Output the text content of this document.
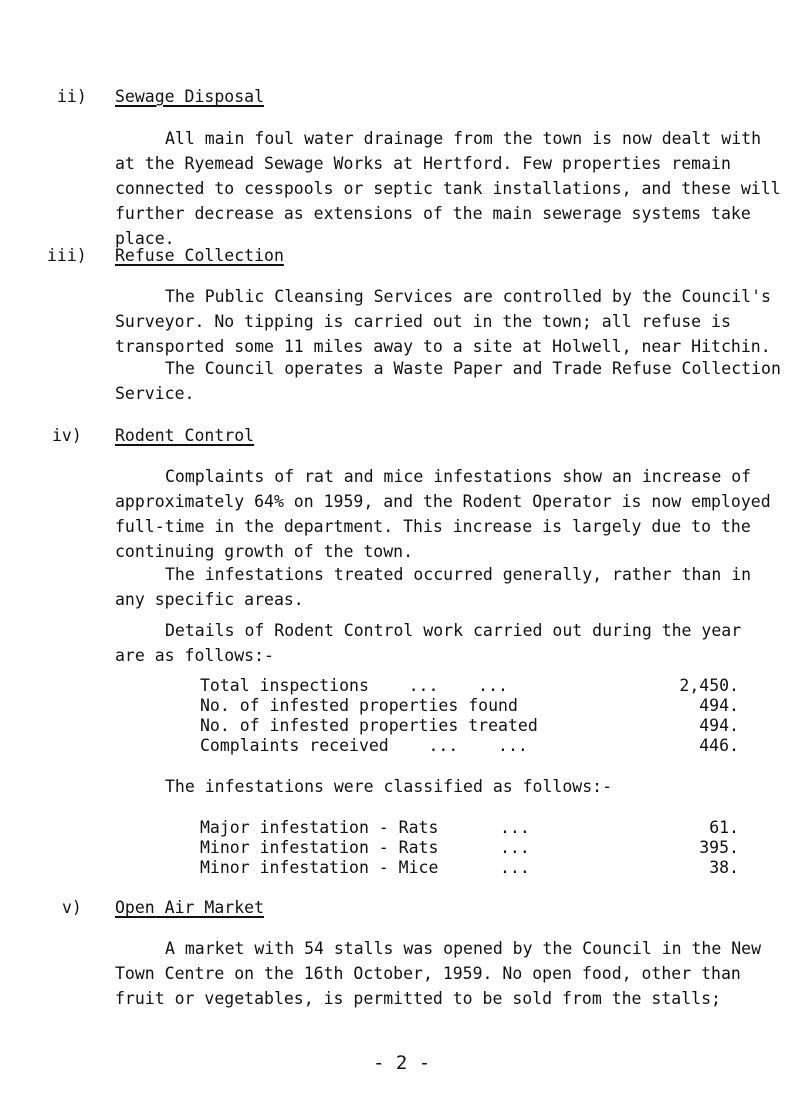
ii) Sewage Disposal
All main foul water drainage from the town is now dealt with
at the Ryemead Sewage Works at Hertford. Few properties remain
connected to cesspools or septic tank installations, and these will
further decrease as extensions of the main sewerage systems take
place.
iii) Refuse Collection
The Public Cleansing Services are controlled by the Council's
Surveyor. No tipping is carried out in the town; all refuse is
transported some 11 miles away to a site at Holwell, near Hitchin.
The Council operates a Waste Paper and Trade Refuse Collection
Service.
iv) Rodent Control
Complaints of rat and mice infestations show an increase of
approximately 64% on 1959, and the Rodent Operator is now employed
full-time in the department. This increase is largely due to the
continuing growth of the town.
The infestations treated occurred generally, rather than in
any specific areas.
Details of Rodent Control work carried out during the year
are as follows:-
Total inspections    ...    ...	2,450.
No. of infested properties found	494.
No. of infested properties treated	494.
Complaints received    ...    ...	446.
The infestations were classified as follows:-
Major infestation - Rats	...	61.
Minor infestation - Rats	...	395.
Minor infestation - Mice	...	38.
v) Open Air Market
A market with 54 stalls was opened by the Council in the New
Town Centre on the 16th October, 1959. No open food, other than
fruit or vegetables, is permitted to be sold from the stalls;
- 2 -
